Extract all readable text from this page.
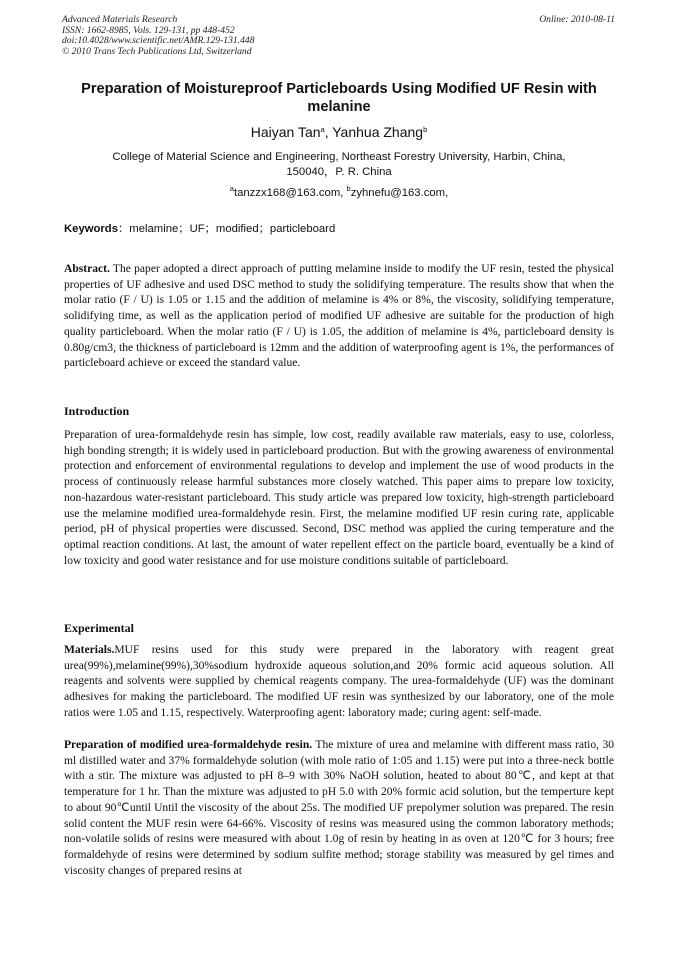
Advanced Materials Research
ISSN: 1662-8985, Vols. 129-131, pp 448-452
doi:10.4028/www.scientific.net/AMR.129-131.448
© 2010 Trans Tech Publications Ltd, Switzerland
Online: 2010-08-11
Preparation of Moistureproof Particleboards Using Modified UF Resin with melanine
Haiyan Tan$^a$, Yanhua Zhang$^b$
College of Material Science and Engineering, Northeast Forestry University, Harbin, China, 150040，P. R. China
$^a$tanzzx168@163.com, $^b$zyhnefu@163.com,
Keywords：melamine；UF；modified；particleboard
Abstract. The paper adopted a direct approach of putting melamine inside to modify the UF resin, tested the physical properties of UF adhesive and used DSC method to study the solidifying temperature. The results show that when the molar ratio (F / U) is 1.05 or 1.15 and the addition of melamine is 4% or 8%, the viscosity, solidifying temperature, solidifying time, as well as the application period of modified UF adhesive are suitable for the production of high quality particleboard. When the molar ratio (F / U) is 1.05, the addition of melamine is 4%, particleboard density is 0.80g/cm3, the thickness of particleboard is 12mm and the addition of waterproofing agent is 1%, the performances of particleboard achieve or exceed the standard value.
Introduction
Preparation of urea-formaldehyde resin has simple, low cost, readily available raw materials, easy to use, colorless, high bonding strength; it is widely used in particleboard production. But with the growing awareness of environmental protection and enforcement of environmental regulations to develop and implement the use of wood products in the process of continuously release harmful substances more closely watched. This paper aims to prepare low toxicity, non-hazardous water-resistant particleboard. This study article was prepared low toxicity, high-strength particleboard use the melamine modified urea-formaldehyde resin. First, the melamine modified UF resin curing rate, applicable period, pH of physical properties were discussed. Second, DSC method was applied the curing temperature and the optimal reaction conditions. At last, the amount of water repellent effect on the particle board, eventually be a kind of low toxicity and good water resistance and for use moisture conditions suitable of particleboard.
Experimental
Materials.MUF resins used for this study were prepared in the laboratory with reagent great urea(99%),melamine(99%),30%sodium hydroxide aqueous solution,and 20% formic acid aqueous solution. All reagents and solvents were supplied by chemical reagents company. The urea-formaldehyde (UF) was the dominant adhesives for making the particleboard. The modified UF resin was synthesized by our laboratory, one of the mole ratios were 1.05 and 1.15, respectively. Waterproofing agent: laboratory made; curing agent: self-made.
Preparation of modified urea-formaldehyde resin. The mixture of urea and melamine with different mass ratio, 30 ml distilled water and 37% formaldehyde solution (with mole ratio of 1:05 and 1.15) were put into a three-neck bottle with a stir. The mixture was adjusted to pH 8–9 with 30% NaOH solution, heated to about 80℃, and kept at that temperature for 1 hr. Than the mixture was adjusted to pH 5.0 with 20% formic acid solution, but the temperture kept to about 90℃until Until the viscosity of the about 25s. The modified UF prepolymer solution was prepared. The resin solid content the MUF resin were 64-66%. Viscosity of resins was measured using the common laboratory methods; non-volatile solids of resins were measured with about 1.0g of resin by heating in as oven at 120℃ for 3 hours; free formaldehyde of resins were determined by sodium sulfite method; storage stability was measured by gel times and viscosity changes of prepared resins at
